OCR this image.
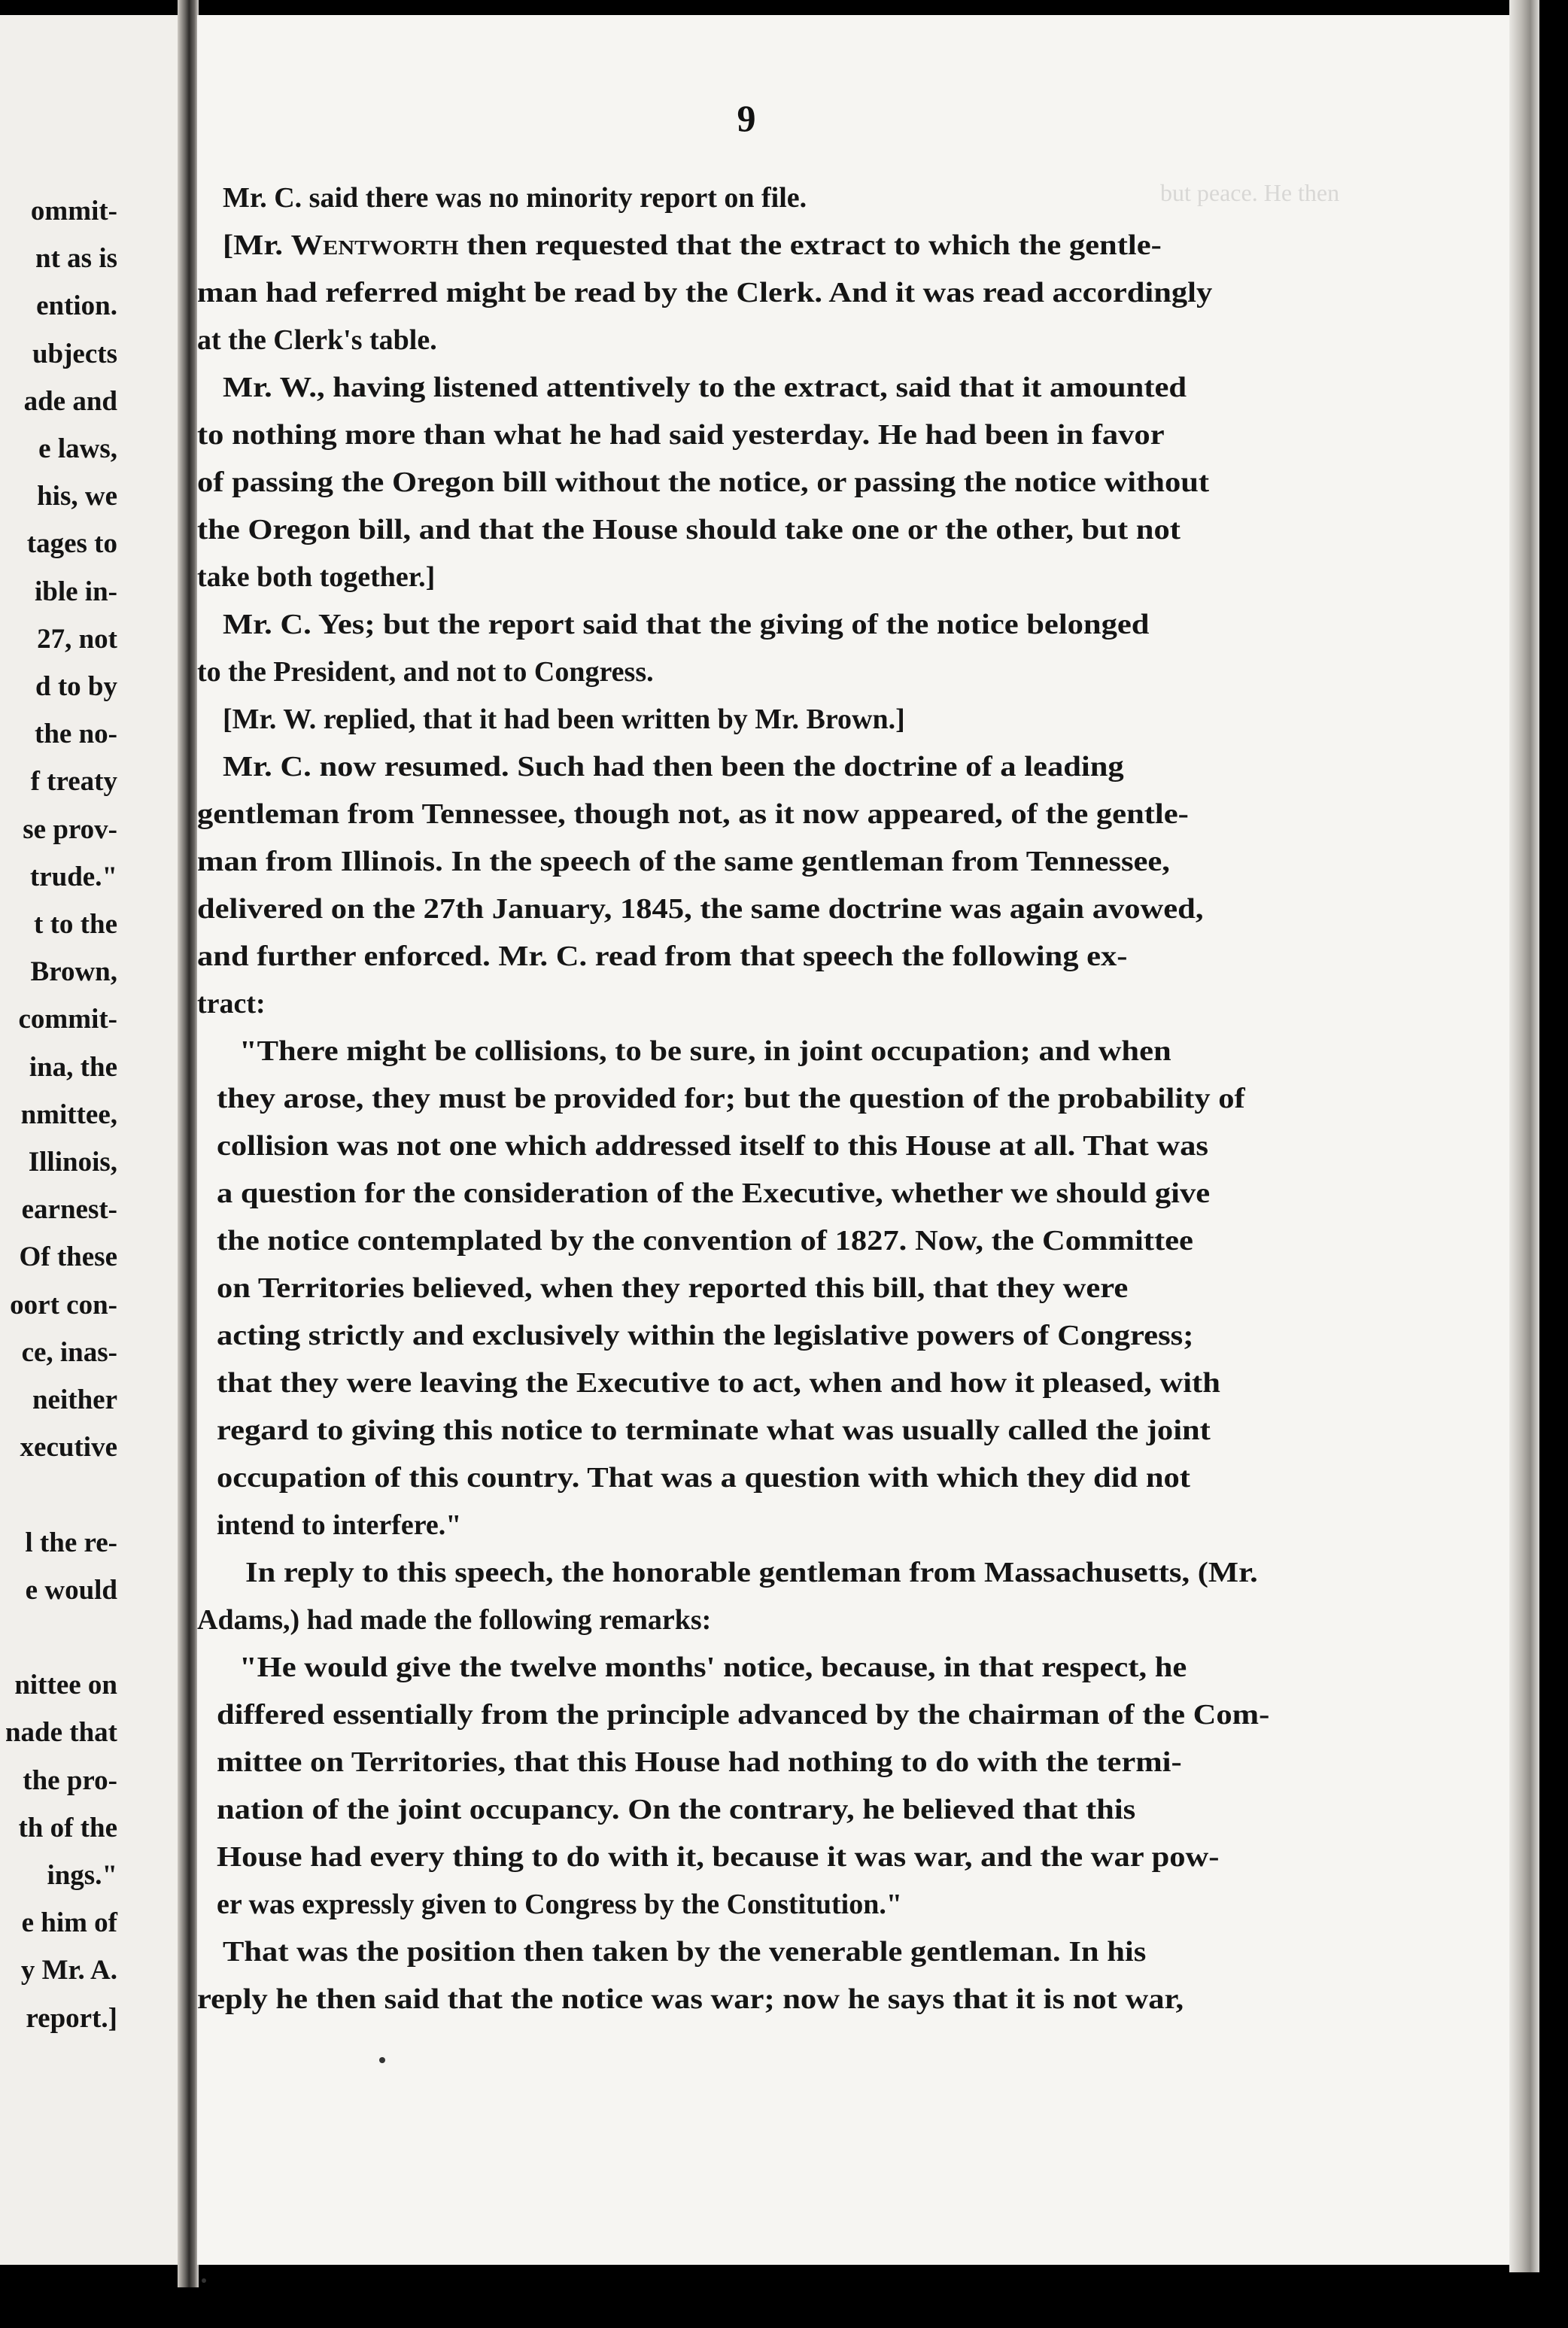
ommit-
nt as is
ention.
ubjects
ade and
e laws,
his, we
tages to
ible in-
27, not
d to by
the no-
f treaty
se prov-
trude."
t to the
Brown,
commit-
ina, the
nmittee,
Illinois,
earnest-
Of these
oort con-
ce, inas-
neither
xecutive
l the re-
e would
nittee on
nade that
the pro-
th of the
ings."
e him of
y Mr. A.
report.]
but peace. He then
9
Mr. C. said there was no minority report on file.
[Mr. Wentworth then requested that the extract to which the gentle-
man had referred might be read by the Clerk. And it was read accordingly
at the Clerk's table.
Mr. W., having listened attentively to the extract, said that it amounted
to nothing more than what he had said yesterday. He had been in favor
of passing the Oregon bill without the notice, or passing the notice without
the Oregon bill, and that the House should take one or the other, but not
take both together.]
Mr. C. Yes; but the report said that the giving of the notice belonged
to the President, and not to Congress.
[Mr. W. replied, that it had been written by Mr. Brown.]
Mr. C. now resumed. Such had then been the doctrine of a leading
gentleman from Tennessee, though not, as it now appeared, of the gentle-
man from Illinois. In the speech of the same gentleman from Tennessee,
delivered on the 27th January, 1845, the same doctrine was again avowed,
and further enforced. Mr. C. read from that speech the following ex-
tract:
"There might be collisions, to be sure, in joint occupation; and when
they arose, they must be provided for; but the question of the probability of
collision was not one which addressed itself to this House at all. That was
a question for the consideration of the Executive, whether we should give
the notice contemplated by the convention of 1827. Now, the Committee
on Territories believed, when they reported this bill, that they were
acting strictly and exclusively within the legislative powers of Congress;
that they were leaving the Executive to act, when and how it pleased, with
regard to giving this notice to terminate what was usually called the joint
occupation of this country. That was a question with which they did not
intend to interfere."
In reply to this speech, the honorable gentleman from Massachusetts, (Mr.
Adams,) had made the following remarks:
"He would give the twelve months' notice, because, in that respect, he
differed essentially from the principle advanced by the chairman of the Com-
mittee on Territories, that this House had nothing to do with the termi-
nation of the joint occupancy. On the contrary, he believed that this
House had every thing to do with it, because it was war, and the war pow-
er was expressly given to Congress by the Constitution."
That was the position then taken by the venerable gentleman. In his
reply he then said that the notice was war; now he says that it is not war,
